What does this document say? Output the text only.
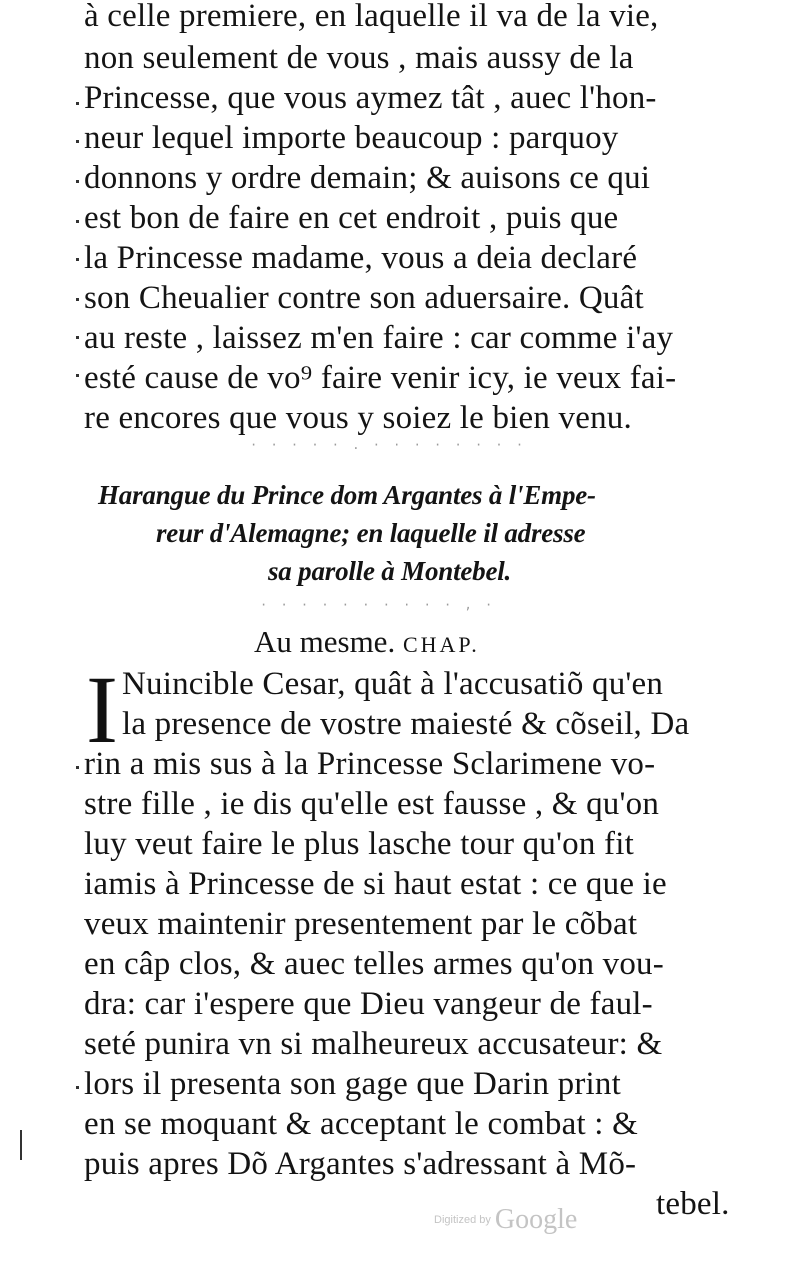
à celle premiere, en laquelle il va de la vie,
non seulement de vous , mais aussy de la
Princesse, que vous aymez tât , auec l'hon-
neur lequel importe beaucoup : parquoy
donnons y ordre demain; & auisons ce qui
est bon de faire en cet endroit , puis que
la Princesse madame, vous a deia declaré
son Cheualier contre son aduersaire. Quât
au reste , laissez m'en faire : car comme i'ay
esté cause de vo⁹ faire venir icy, ie veux fai-
re encores que vous y soiez le bien venu.
· · · · · . · · · · · · · ·
· · · · · · · · · · , ·
Harangue du Prince dom Argantes à l'Empe-
reur d'Alemagne; en laquelle il adresse
sa parolle à Montebel.
Au mesme. CHAP.
I Nuincible Cesar, quât à l'accusatiõ qu'en
la presence de vostre maiesté & cõseil, Da
rin a mis sus à la Princesse Sclarimene vo-
stre fille , ie dis qu'elle est fausse , & qu'on
luy veut faire le plus lasche tour qu'on fit
iamis à Princesse de si haut estat : ce que ie
veux maintenir presentement par le cõbat
en câp clos, & auec telles armes qu'on vou-
dra: car i'espere que Dieu vangeur de faul-
seté punira vn si malheureux accusateur: &
lors il presenta son gage que Darin print
en se moquant & acceptant le combat : &
puis apres Dõ Argantes s'adressant à Mõ-
tebel.
Digitized by Google
